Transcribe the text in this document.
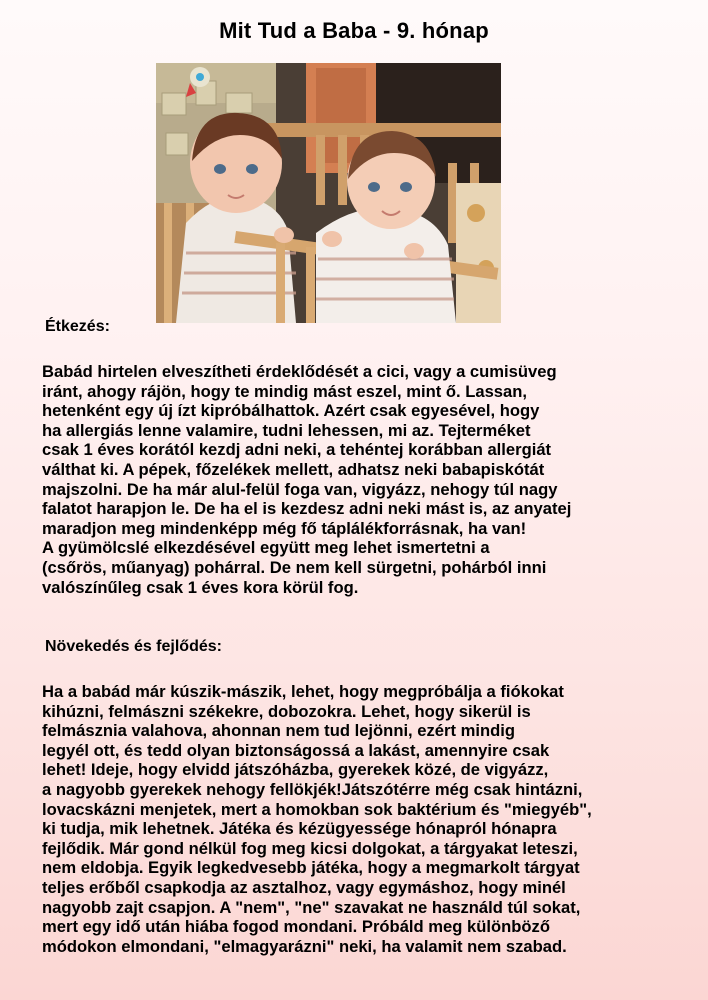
Mit Tud a Baba - 9. hónap
Étkezés:
Babád hirtelen elveszítheti érdeklődését a cici, vagy a cumisüveg
iránt, ahogy rájön, hogy te mindig mást eszel, mint ő. Lassan,
hetenként egy új ízt kipróbálhattok. Azért csak egyesével, hogy
ha allergiás lenne valamire, tudni lehessen, mi az. Tejterméket
csak 1 éves korától kezdj adni neki, a tehéntej korábban allergiát
válthat ki. A pépek, főzelékek mellett, adhatsz neki babapiskótát
majszolni. De ha már alul-felül foga van, vigyázz, nehogy túl nagy
falatot harapjon le. De ha el is kezdesz adni neki mást is, az anyatej
maradjon meg mindenképp még fő táplálékforrásnak, ha van!
A gyümölcslé elkezdésével együtt meg lehet ismertetni a
(csőrös, műanyag) pohárral. De nem kell sürgetni, pohárból inni
valószínűleg csak 1 éves kora körül fog.
Növekedés és fejlődés:
Ha a babád már kúszik-mászik, lehet, hogy megpróbálja a fiókokat
kihúzni, felmászni székekre, dobozokra. Lehet, hogy sikerül is
felmásznia valahova, ahonnan nem tud lejönni, ezért mindig
legyél ott, és tedd olyan biztonságossá a lakást, amennyire csak
lehet! Ideje, hogy elvidd játszóházba, gyerekek közé, de vigyázz,
a nagyobb gyerekek nehogy fellökjék!Játszótérre még csak hintázni,
lovacskázni menjetek, mert a homokban sok baktérium és "miegyéb",
ki tudja, mik lehetnek. Játéka és kézügyessége hónapról hónapra
fejlődik. Már gond nélkül fog meg kicsi dolgokat, a tárgyakat leteszi,
nem eldobja. Egyik legkedvesebb játéka, hogy a megmarkolt tárgyat
teljes erőből csapkodja az asztalhoz, vagy egymáshoz, hogy minél
nagyobb zajt csapjon. A "nem", "ne" szavakat ne használd túl sokat,
mert egy idő után hiába fogod mondani. Próbáld meg különböző
módokon elmondani, "elmagyarázni" neki, ha valamit nem szabad.
